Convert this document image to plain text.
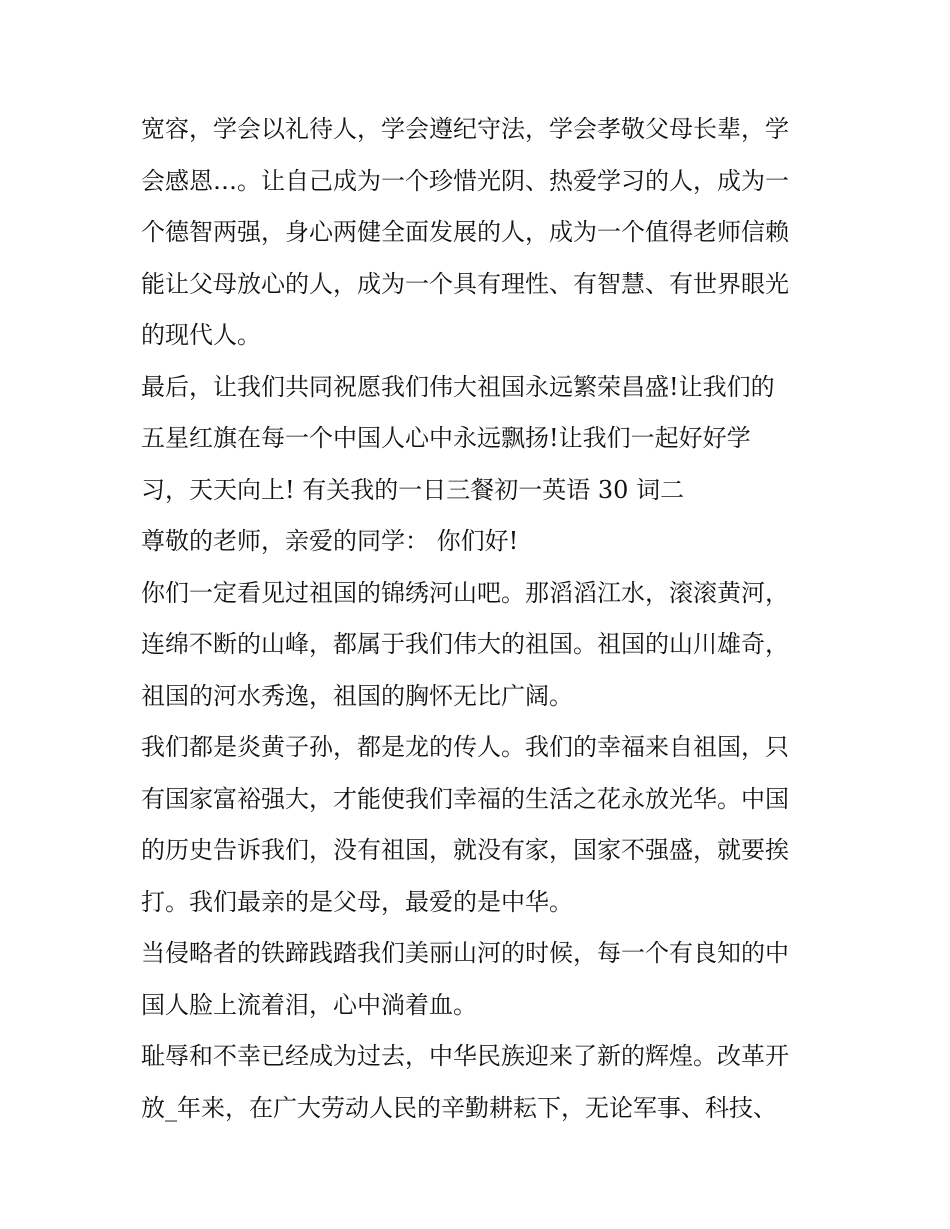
宽容，学会以礼待人，学会遵纪守法，学会孝敬父母长辈，学
会感恩…。让自己成为一个珍惜光阴、热爱学习的人，成为一
个德智两强，身心两健全面发展的人，成为一个值得老师信赖
能让父母放心的人，成为一个具有理性、有智慧、有世界眼光
的现代人。
最后，让我们共同祝愿我们伟大祖国永远繁荣昌盛!让我们的
五星红旗在每一个中国人心中永远飘扬!让我们一起好好学
习，天天向上! 有关我的一日三餐初一英语 30 词二
尊敬的老师，亲爱的同学： 你们好!
你们一定看见过祖国的锦绣河山吧。那滔滔江水，滚滚黄河，
连绵不断的山峰，都属于我们伟大的祖国。祖国的山川雄奇，
祖国的河水秀逸，祖国的胸怀无比广阔。
我们都是炎黄子孙，都是龙的传人。我们的幸福来自祖国，只
有国家富裕强大，才能使我们幸福的生活之花永放光华。中国
的历史告诉我们，没有祖国，就没有家，国家不强盛，就要挨
打。我们最亲的是父母，最爱的是中华。
当侵略者的铁蹄践踏我们美丽山河的时候，每一个有良知的中
国人脸上流着泪，心中淌着血。
耻辱和不幸已经成为过去，中华民族迎来了新的辉煌。改革开
放_年来，在广大劳动人民的辛勤耕耘下，无论军事、科技、
